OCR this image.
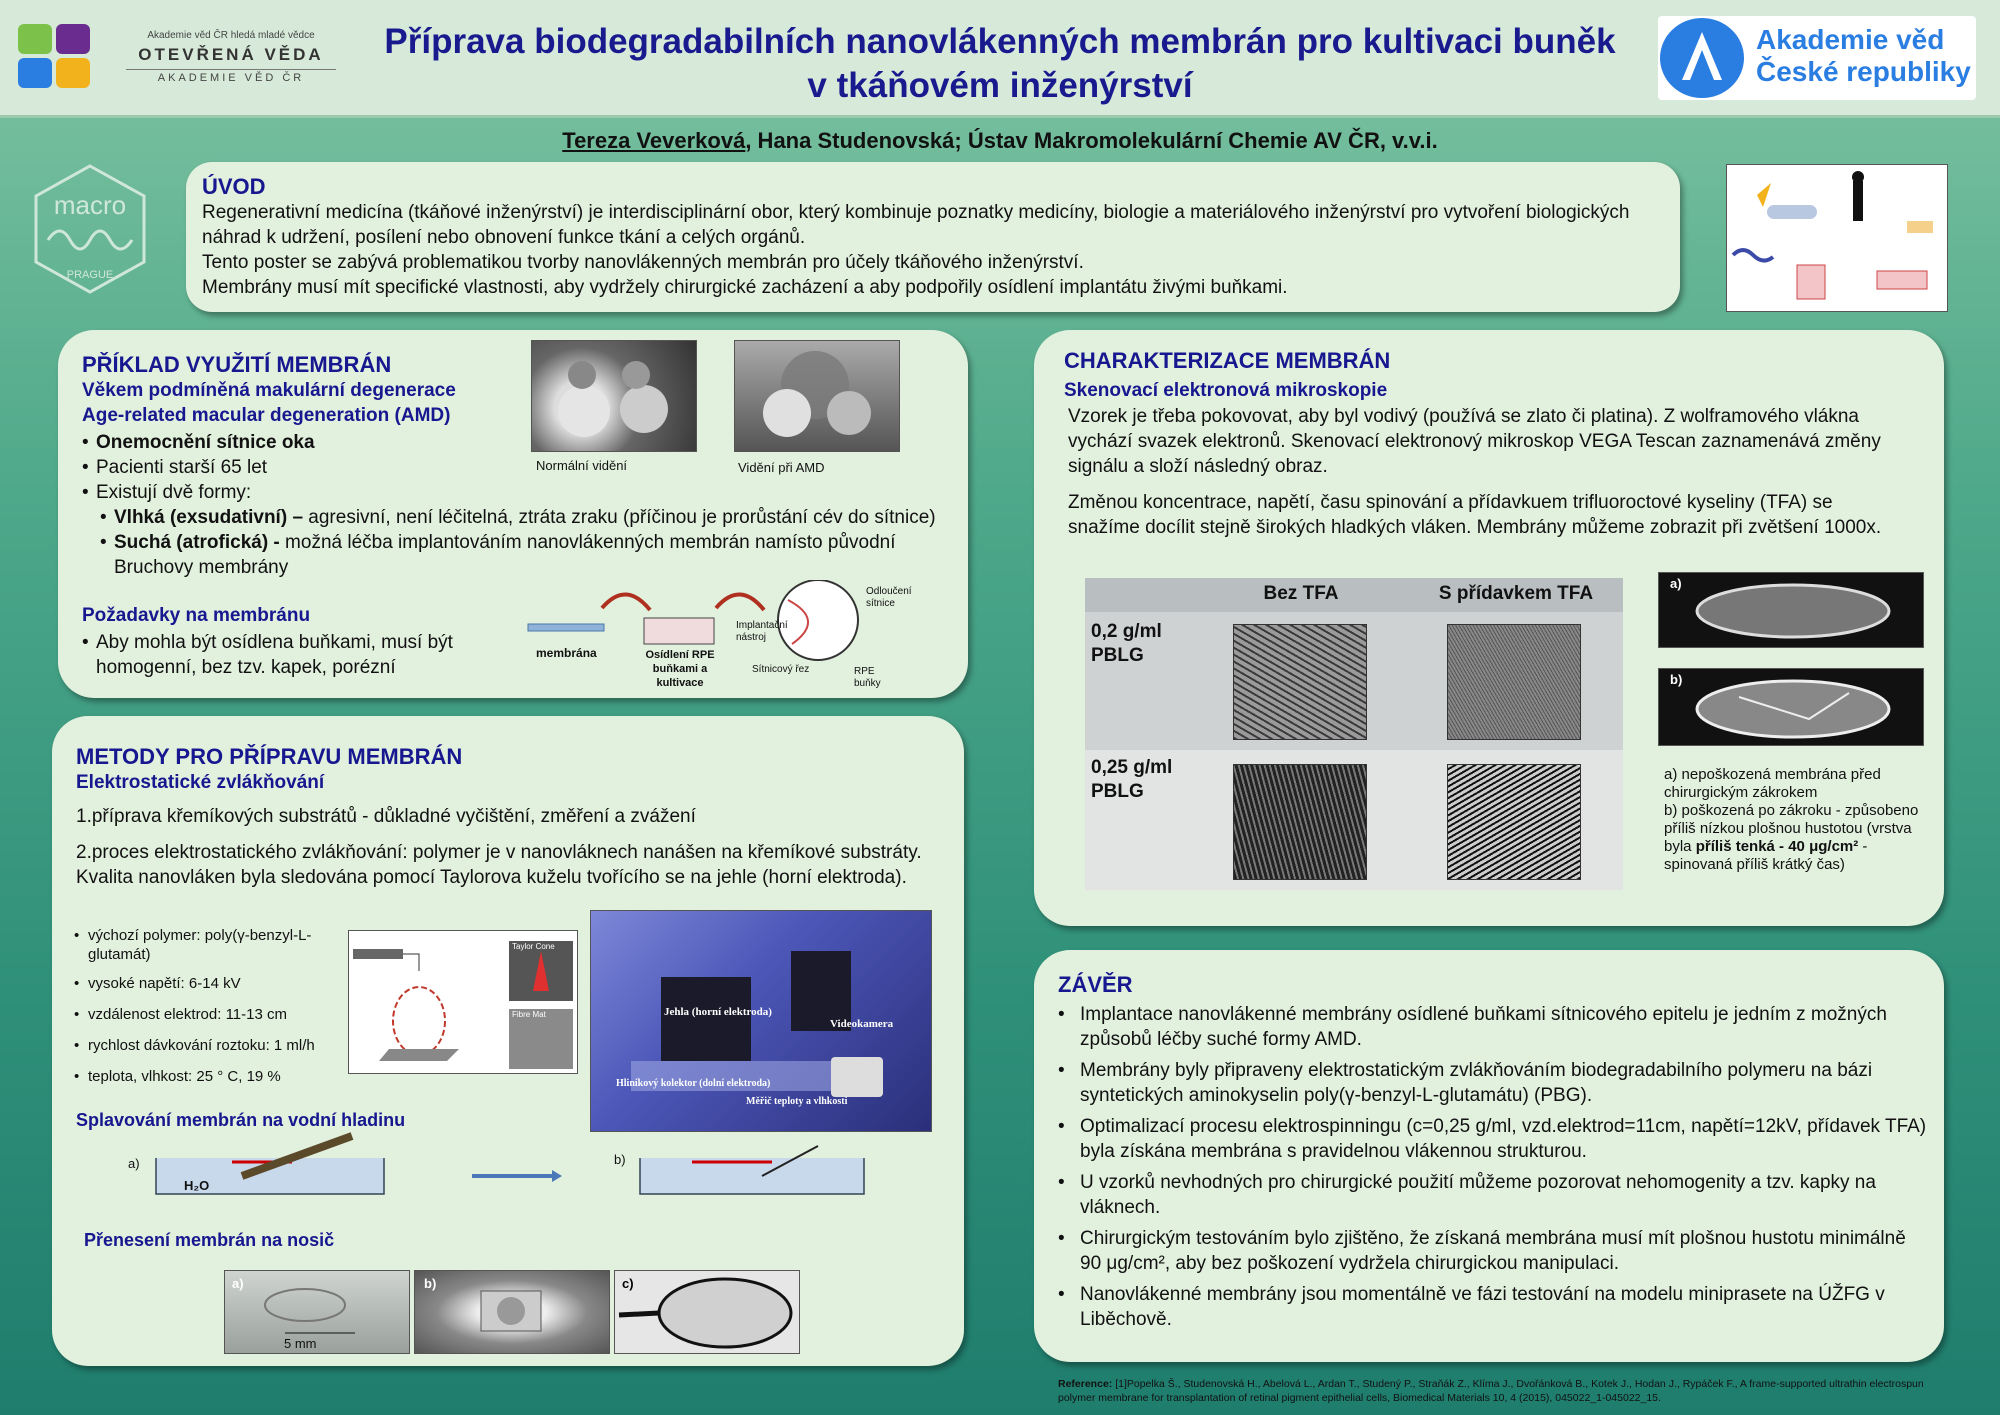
Akademie věd ČR hledá mladé vědce
OTEVŘENÁ VĚDA
AKADEMIE VĚD ČR
Příprava biodegradabilních nanovlákenných membrán pro kultivaci buněk v tkáňovém inženýrství
Akademie věd
České republiky
Tereza Veverková, Hana Studenovská; Ústav Makromolekulární Chemie AV ČR, v.v.i.
macro
PRAGUE
ÚVOD
Regenerativní medicína (tkáňové inženýrství) je interdisciplinární obor, který kombinuje poznatky medicíny, biologie a materiálového inženýrství pro vytvoření biologických náhrad k udržení, posílení nebo obnovení funkce tkání a celých orgánů.
Tento poster se zabývá problematikou tvorby nanovlákenných membrán pro účely tkáňového inženýrství.
Membrány musí mít specifické vlastnosti, aby vydržely chirurgické zacházení a aby podpořily osídlení implantátu živými buňkami.
PŘÍKLAD VYUŽITÍ MEMBRÁN
Věkem podmíněná makulární degenerace
Age-related macular degeneration (AMD)
• Onemocnění sítnice oka
• Pacienti starší 65 let
• Existují dvě formy:
• Vlhká (exsudativní) – agresivní, není léčitelná, ztráta zraku (příčinou je prorůstání cév do sítnice)
• Suchá (atrofická) - možná léčba implantováním nanovlákenných membrán namísto původní Bruchovy membrány
Požadavky na membránu
• Aby mohla být osídlena buňkami, musí být homogenní, bez tzv. kapek, porézní
Normální vidění	Vidění při AMD
membrána	Osídlení RPE buňkami a kultivace
Implantační nástroj
Odloučení sítnice
Sítnicový řez	RPE buňky
METODY PRO PŘÍPRAVU MEMBRÁN
Elektrostatické zvlákňování
1.příprava křemíkových substrátů - důkladné vyčištění, změření a zvážení
2.proces elektrostatického zvlákňování: polymer je v nanovláknech nanášen na křemíkové substráty. Kvalita nanovláken byla sledována pomocí Taylorova kuželu tvořícího se na jehle (horní elektroda).
• výchozí polymer: poly(γ-benzyl-L-glutamát)
• vysoké napětí: 6-14 kV
• vzdálenost elektrod: 11-13 cm
• rychlost dávkování roztoku: 1 ml/h
• teplota, vlhkost: 25 ° C, 19 %
Taylor Cone
Fibre Mat	Jehla (horní elektroda)
Videokamera
Hliníkový kolektor (dolní elektroda)
Měřič teploty a vlhkosti
Splavování membrán na vodní hladinu
a)
H₂O
b)
Přenesení membrán na nosič
a)
5 mm
b)	c)
CHARAKTERIZACE MEMBRÁN
Skenovací elektronová mikroskopie
Vzorek je třeba pokovovat, aby byl vodivý (používá se zlato či platina). Z wolframového vlákna vychází svazek elektronů. Skenovací elektronový mikroskop VEGA Tescan zaznamenává změny signálu a složí následný obraz.
Změnou koncentrace, napětí, času spinování a přídavkuem trifluoroctové kyseliny (TFA) se snažíme docílit stejně širokých hladkých vláken. Membrány můžeme zobrazit při zvětšení 1000x.
Bez TFA	S přídavkem TFA
0,2 g/ml PBLG
0,25 g/ml PBLG
a)
b)
a) nepoškozená membrána před chirurgickým zákrokem
b) poškozená po zákroku - způsobeno příliš nízkou plošnou hustotou (vrstva byla příliš tenká - 40 μg/cm² - spinovaná příliš krátký čas)
ZÁVĚR
• Implantace nanovlákenné membrány osídlené buňkami sítnicového epitelu je jedním z možných způsobů léčby suché formy AMD.
• Membrány byly připraveny elektrostatickým zvlákňováním biodegradabilního polymeru na bázi syntetických aminokyselin poly(γ-benzyl-L-glutamátu) (PBG).
• Optimalizací procesu elektrospinningu (c=0,25 g/ml, vzd.elektrod=11cm, napětí=12kV, přídavek TFA) byla získána membrána s pravidelnou vlákennou strukturou.
• U vzorků nevhodných pro chirurgické použití můžeme pozorovat nehomogenity a tzv. kapky na vláknech.
• Chirurgickým testováním bylo zjištěno, že získaná membrána musí mít plošnou hustotu minimálně 90 μg/cm², aby bez poškození vydržela chirurgickou manipulaci.
• Nanovlákenné membrány jsou momentálně ve fázi testování na modelu miniprasete na ÚŽFG v Liběchově.
Reference: [1]Popelka Š., Studenovská H., Abelová L., Ardan T., Studený P., Straňák Z., Klíma J., Dvořánková B., Kotek J., Hodan J., Rypáček F., A frame-supported ultrathin electrospun polymer membrane for transplantation of retinal pigment epithelial cells, Biomedical Materials 10, 4 (2015), 045022_1-045022_15.
